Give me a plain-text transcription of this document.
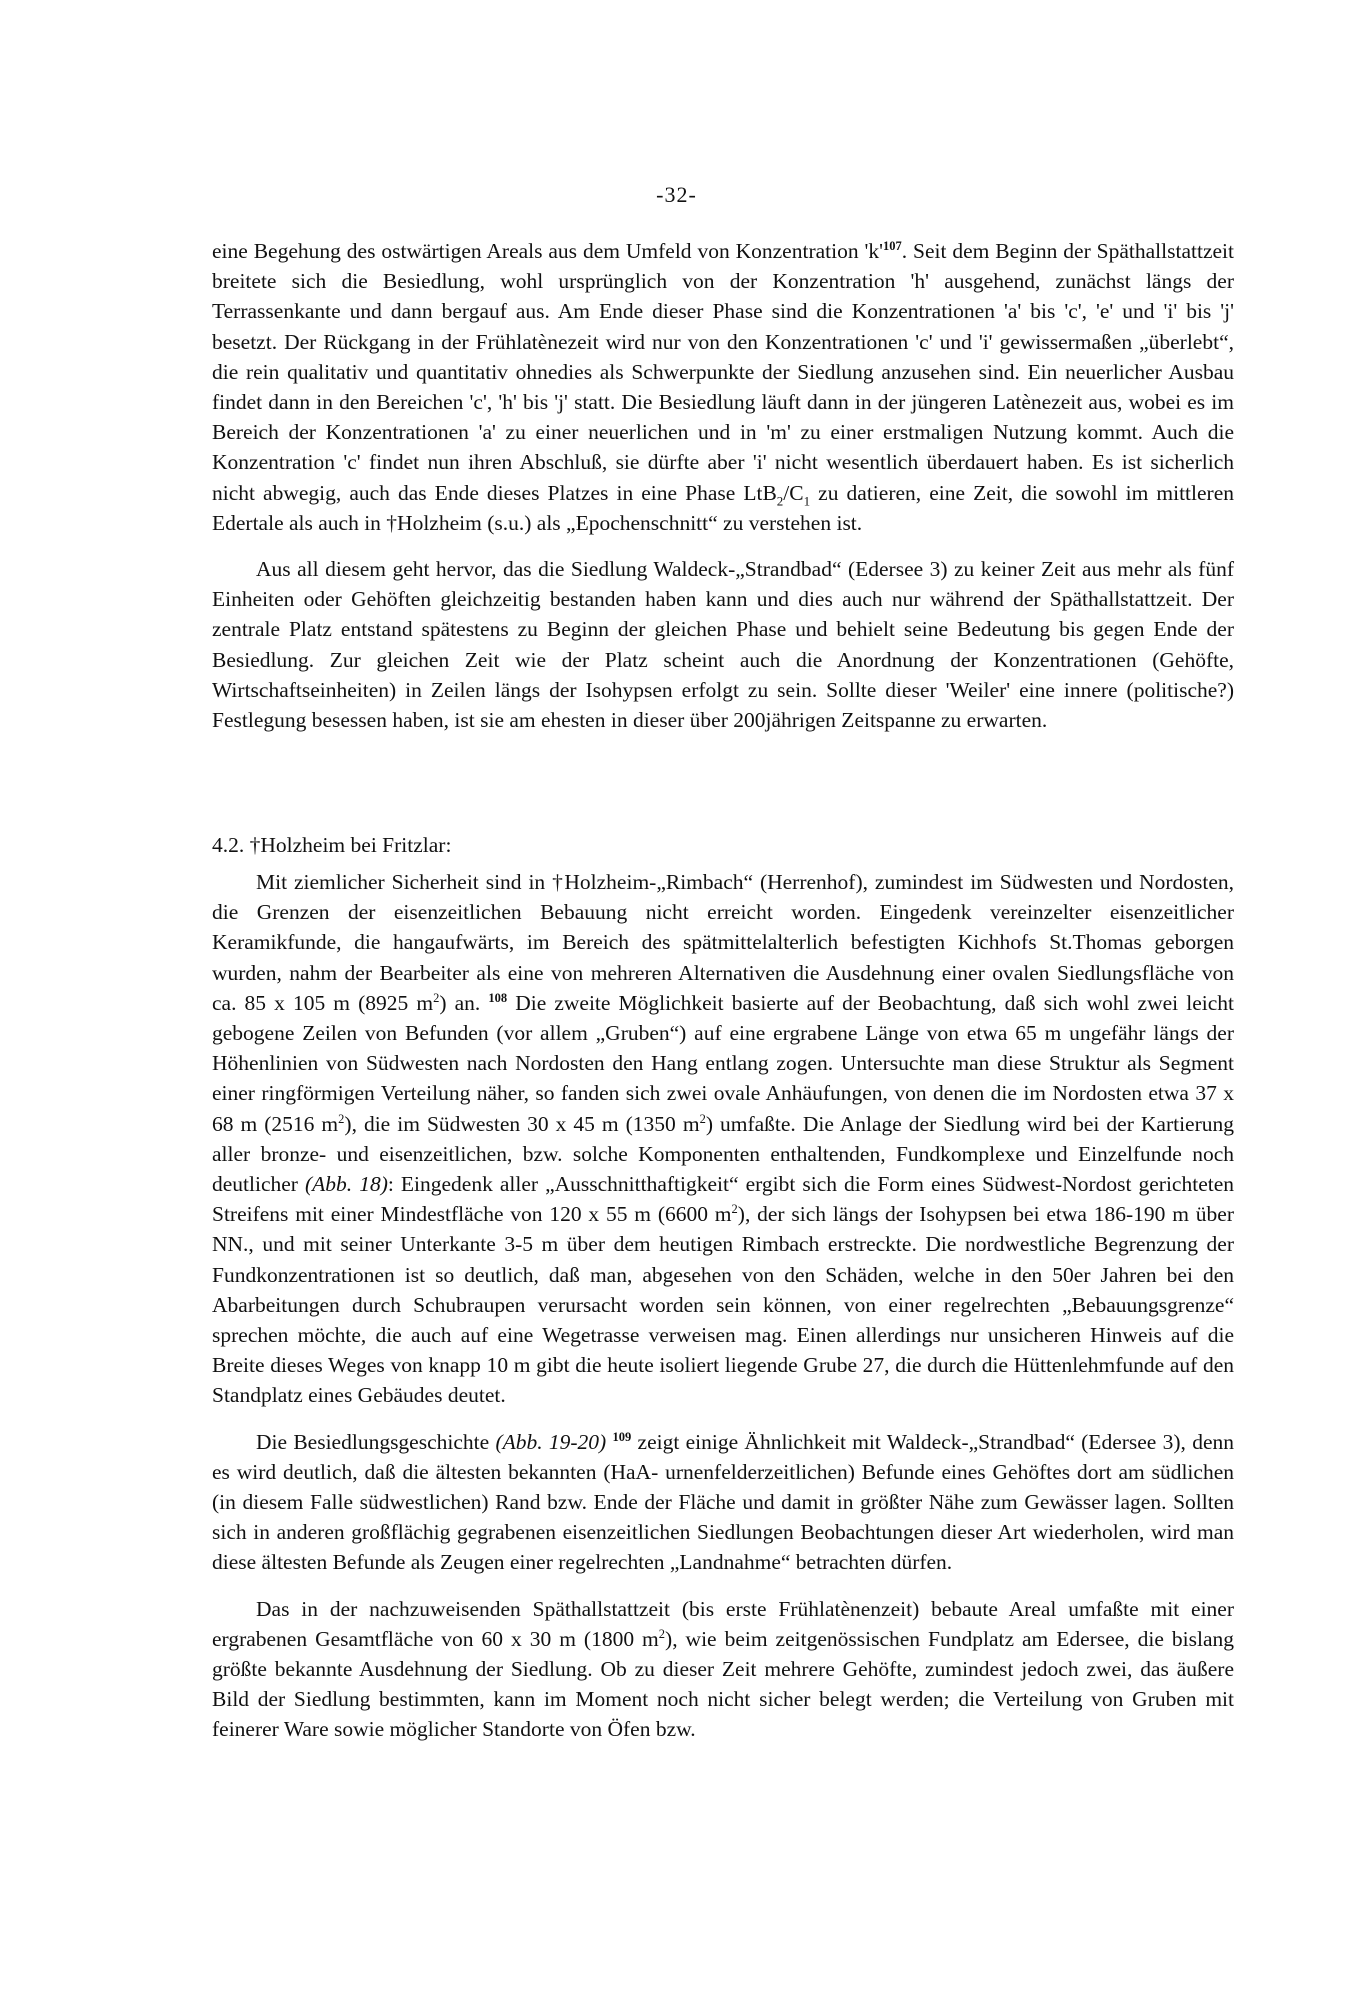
-32-

eine Begehung des ostwärtigen Areals aus dem Umfeld von Konzentration 'k'$^{107}$. Seit dem Beginn der Späthallstattzeit breitete sich die Besiedlung, wohl ursprünglich von der Konzentration 'h' ausgehend, zunächst längs der Terrassenkante und dann bergauf aus. Am Ende dieser Phase sind die Konzentrationen 'a' bis 'c', 'e' und 'i' bis 'j' besetzt. Der Rückgang in der Frühlatènezeit wird nur von den Konzentrationen 'c' und 'i' gewissermaßen „überlebt“, die rein qualitativ und quantitativ ohnedies als Schwerpunkte der Siedlung anzusehen sind. Ein neuerlicher Ausbau findet dann in den Bereichen 'c', 'h' bis 'j' statt. Die Besiedlung läuft dann in der jüngeren Latènezeit aus, wobei es im Bereich der Konzentrationen 'a' zu einer neuerlichen und in 'm' zu einer erstmaligen Nutzung kommt. Auch die Konzentration 'c' findet nun ihren Abschluß, sie dürfte aber 'i' nicht wesentlich überdauert haben. Es ist sicherlich nicht abwegig, auch das Ende dieses Platzes in eine Phase $LtB_2/C_1$ zu datieren, eine Zeit, die sowohl im mittleren Edertale als auch in †Holzheim (s.u.) als „Epochenschnitt“ zu verstehen ist.

Aus all diesem geht hervor, das die Siedlung Waldeck-„Strandbad“ (Edersee 3) zu keiner Zeit aus mehr als fünf Einheiten oder Gehöften gleichzeitig bestanden haben kann und dies auch nur während der Späthallstattzeit. Der zentrale Platz entstand spätestens zu Beginn der gleichen Phase und behielt seine Bedeutung bis gegen Ende der Besiedlung. Zur gleichen Zeit wie der Platz scheint auch die Anordnung der Konzentrationen (Gehöfte, Wirtschaftseinheiten) in Zeilen längs der Isohypsen erfolgt zu sein. Sollte dieser 'Weiler' eine innere (politische?) Festlegung besessen haben, ist sie am ehesten in dieser über 200jährigen Zeitspanne zu erwarten.

4.2. †Holzheim bei Fritzlar:

Mit ziemlicher Sicherheit sind in †Holzheim-„Rimbach“ (Herrenhof), zumindest im Südwesten und Nordosten, die Grenzen der eisenzeitlichen Bebauung nicht erreicht worden. Eingedenk vereinzelter eisenzeitlicher Keramikfunde, die hangaufwärts, im Bereich des spätmittelalterlich befestigten Kichhofs St.Thomas geborgen wurden, nahm der Bearbeiter als eine von mehreren Alternativen die Ausdehnung einer ovalen Siedlungsfläche von ca. 85 x 105 m (8925 $m^2$) an. $^{108}$ Die zweite Möglichkeit basierte auf der Beobachtung, daß sich wohl zwei leicht gebogene Zeilen von Befunden (vor allem „Gruben“) auf eine ergrabene Länge von etwa 65 m ungefähr längs der Höhenlinien von Südwesten nach Nordosten den Hang entlang zogen. Untersuchte man diese Struktur als Segment einer ringförmigen Verteilung näher, so fanden sich zwei ovale Anhäufungen, von denen die im Nordosten etwa 37 x 68 m (2516 $m^2$), die im Südwesten 30 x 45 m (1350 $m^2$) umfaßte. Die Anlage der Siedlung wird bei der Kartierung aller bronze- und eisenzeitlichen, bzw. solche Komponenten enthaltenden, Fundkomplexe und Einzelfunde noch deutlicher (Abb. 18): Eingedenk aller „Ausschnitthaftigkeit“ ergibt sich die Form eines Südwest-Nordost gerichteten Streifens mit einer Mindestfläche von 120 x 55 m (6600 $m^2$), der sich längs der Isohypsen bei etwa 186-190 m über NN., und mit seiner Unterkante 3-5 m über dem heutigen Rimbach erstreckte. Die nordwestliche Begrenzung der Fundkonzentrationen ist so deutlich, daß man, abgesehen von den Schäden, welche in den 50er Jahren bei den Abarbeitungen durch Schubraupen verursacht worden sein können, von einer regelrechten „Bebauungsgrenze“ sprechen möchte, die auch auf eine Wegetrasse verweisen mag. Einen allerdings nur unsicheren Hinweis auf die Breite dieses Weges von knapp 10 m gibt die heute isoliert liegende Grube 27, die durch die Hüttenlehmfunde auf den Standplatz eines Gebäudes deutet.

Die Besiedlungsgeschichte (Abb. 19-20) $^{109}$ zeigt einige Ähnlichkeit mit Waldeck-„Strandbad“ (Edersee 3), denn es wird deutlich, daß die ältesten bekannten (HaA- urnenfelderzeitlichen) Befunde eines Gehöftes dort am südlichen (in diesem Falle südwestlichen) Rand bzw. Ende der Fläche und damit in größter Nähe zum Gewässer lagen. Sollten sich in anderen großflächig gegrabenen eisenzeitlichen Siedlungen Beobachtungen dieser Art wiederholen, wird man diese ältesten Befunde als Zeugen einer regelrechten „Landnahme“ betrachten dürfen.

Das in der nachzuweisenden Späthallstattzeit (bis erste Frühlatènenzeit) bebaute Areal umfaßte mit einer ergrabenen Gesamtfläche von 60 x 30 m (1800 $m^2$), wie beim zeitgenössischen Fundplatz am Edersee, die bislang größte bekannte Ausdehnung der Siedlung. Ob zu dieser Zeit mehrere Gehöfte, zumindest jedoch zwei, das äußere Bild der Siedlung bestimmten, kann im Moment noch nicht sicher belegt werden; die Verteilung von Gruben mit feinerer Ware sowie möglicher Standorte von Öfen bzw.
